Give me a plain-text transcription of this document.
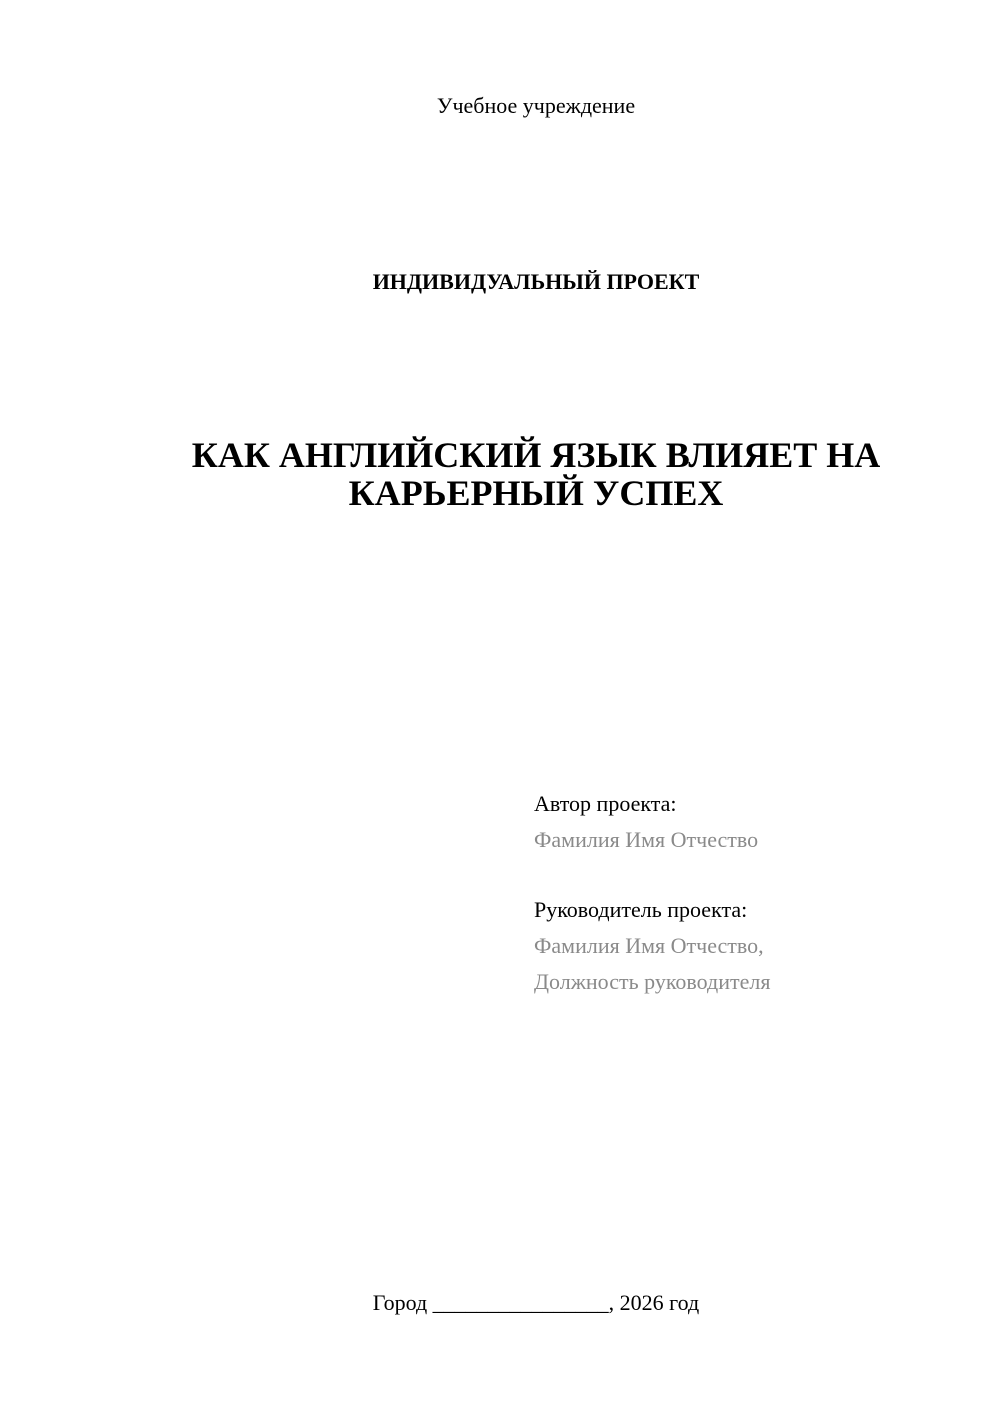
Учебное учреждение
ИНДИВИДУАЛЬНЫЙ ПРОЕКТ
КАК АНГЛИЙСКИЙ ЯЗЫК ВЛИЯЕТ НА
КАРЬЕРНЫЙ УСПЕХ
Автор проекта:
Фамилия Имя Отчество
Руководитель проекта:
Фамилия Имя Отчество,
Должность руководителя
Город ________________, 2026 год
